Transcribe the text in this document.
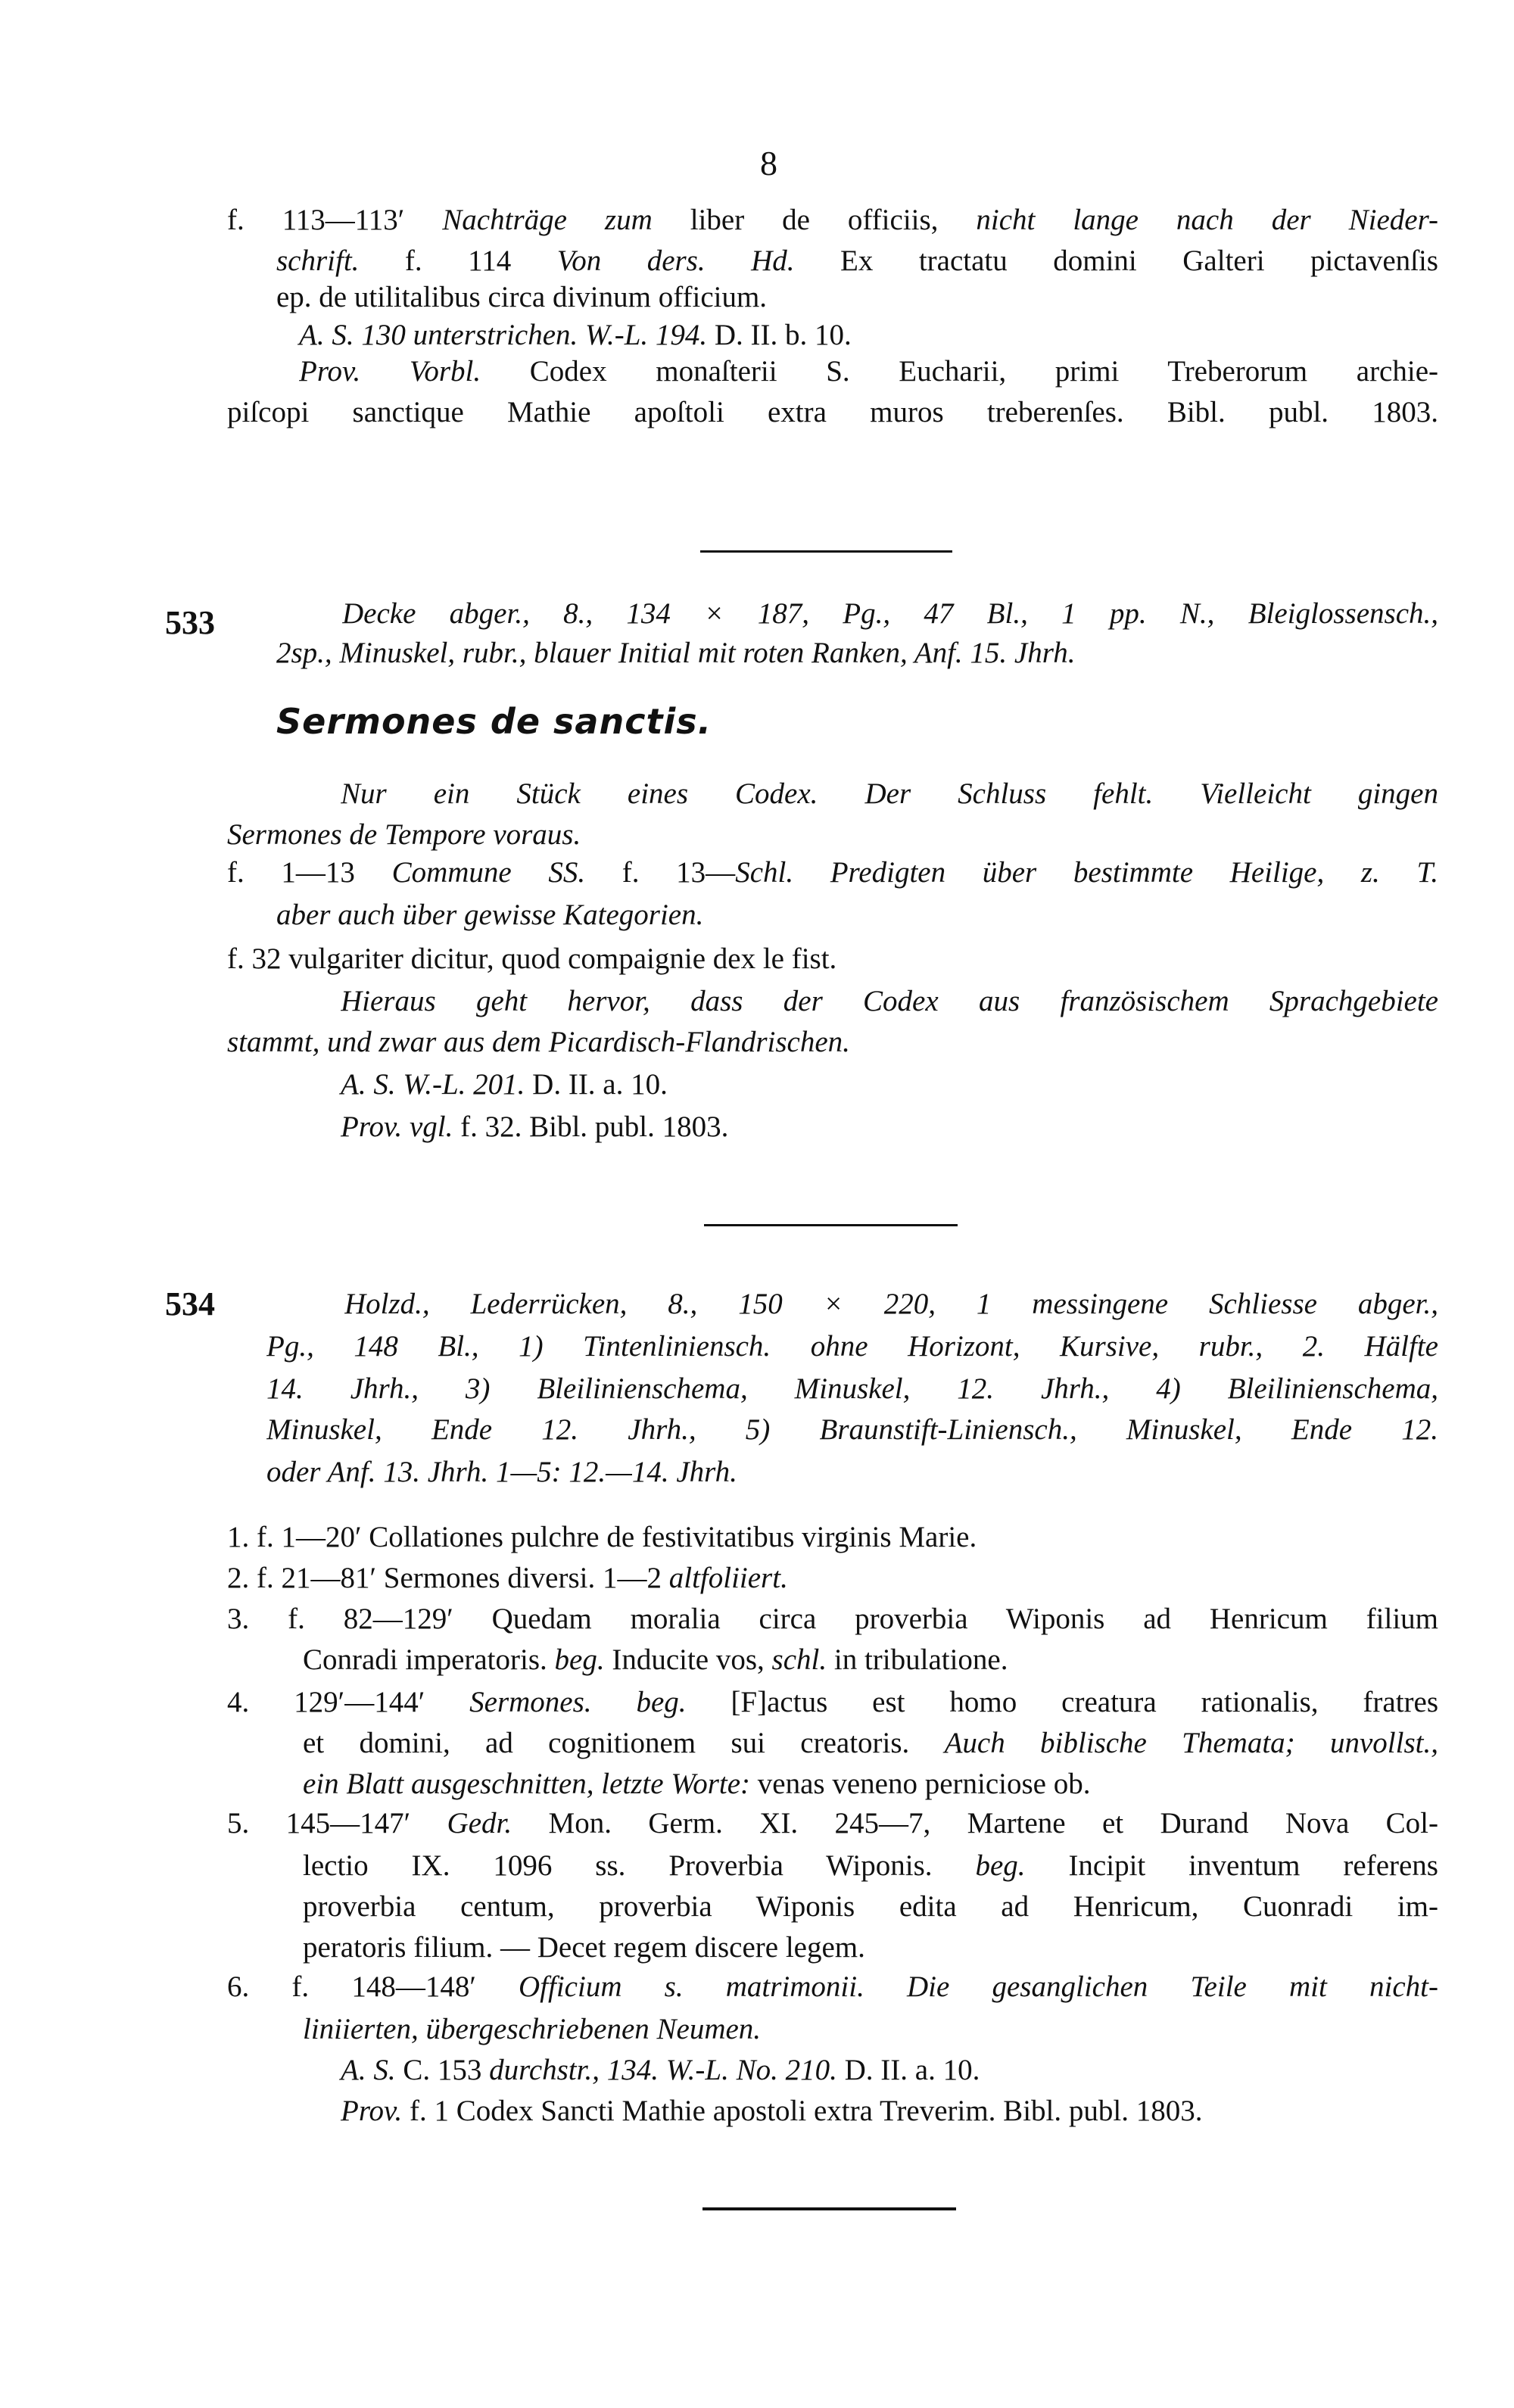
8
f. 113—113′ Nachträge zum liber de officiis, nicht lange nach der Nieder-
schrift. f. 114 Von ders. Hd. Ex tractatu domini Galteri pictavenſis
ep. de utilitalibus circa divinum officium.
A. S. 130 unterstrichen. W.-L. 194. D. II. b. 10.
Prov. Vorbl. Codex monaſterii S. Eucharii, primi Treberorum archie-
piſcopi sanctique Mathie apoſtoli extra muros treberenſes. Bibl. publ. 1803.
533	Decke abger., 8., 134 × 187, Pg., 47 Bl., 1 pp. N., Bleiglossensch.,
2sp., Minuskel, rubr., blauer Initial mit roten Ranken, Anf. 15. Jhrh.
Sermones de sanctis.
Nur ein Stück eines Codex. Der Schluss fehlt. Vielleicht gingen
Sermones de Tempore voraus.
f. 1—13 Commune SS. f. 13—Schl. Predigten über bestimmte Heilige, z. T.
aber auch über gewisse Kategorien.
f. 32 vulgariter dicitur, quod compaignie dex le fist.
Hieraus geht hervor, dass der Codex aus französischem Sprachgebiete
stammt, und zwar aus dem Picardisch-Flandrischen.
A. S. W.-L. 201. D. II. a. 10.
Prov. vgl. f. 32. Bibl. publ. 1803.
534	Holzd., Lederrücken, 8., 150 × 220, 1 messingene Schliesse abger.,
Pg., 148 Bl., 1) Tintenliniensch. ohne Horizont, Kursive, rubr., 2. Hälfte
14. Jhrh., 3) Bleilinienschema, Minuskel, 12. Jhrh., 4) Bleilinienschema,
Minuskel, Ende 12. Jhrh., 5) Braunstift-Liniensch., Minuskel, Ende 12.
oder Anf. 13. Jhrh. 1—5: 12.—14. Jhrh.
1. f. 1—20′ Collationes pulchre de festivitatibus virginis Marie.
2. f. 21—81′ Sermones diversi. 1—2 altfoliiert.
3. f. 82—129′ Quedam moralia circa proverbia Wiponis ad Henricum filium
Conradi imperatoris. beg. Inducite vos, schl. in tribulatione.
4. 129′—144′ Sermones. beg. [F]actus est homo creatura rationalis, fratres
et domini, ad cognitionem sui creatoris. Auch biblische Themata; unvollst.,
ein Blatt ausgeschnitten, letzte Worte: venas veneno perniciose ob.
5. 145—147′ Gedr. Mon. Germ. XI. 245—7, Martene et Durand Nova Col-
lectio IX. 1096 ss. Proverbia Wiponis. beg. Incipit inventum referens
proverbia centum, proverbia Wiponis edita ad Henricum, Cuonradi im-
peratoris filium. — Decet regem discere legem.
6. f. 148—148′ Officium s. matrimonii. Die gesanglichen Teile mit nicht-
liniierten, übergeschriebenen Neumen.
A. S. C. 153 durchstr., 134. W.-L. No. 210. D. II. a. 10.
Prov. f. 1 Codex Sancti Mathie apostoli extra Treverim. Bibl. publ. 1803.
